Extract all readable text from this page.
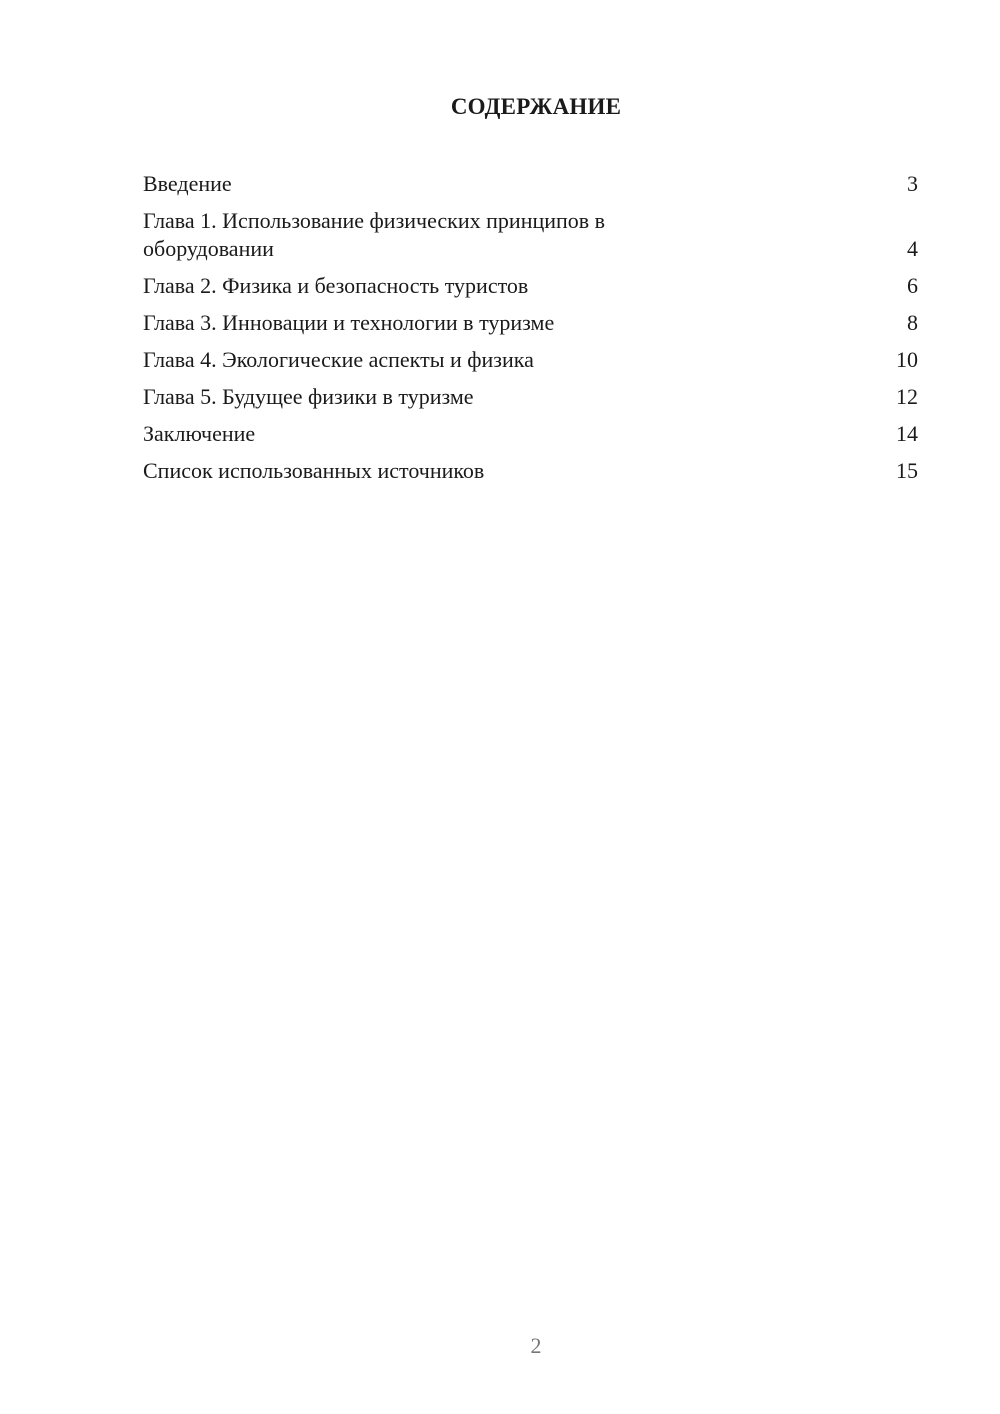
СОДЕРЖАНИЕ
Введение	3
Глава 1. Использование физических принципов в оборудовании	4
Глава 2. Физика и безопасность туристов	6
Глава 3. Инновации и технологии в туризме	8
Глава 4. Экологические аспекты и физика	10
Глава 5. Будущее физики в туризме	12
Заключение	14
Список использованных источников	15
2
